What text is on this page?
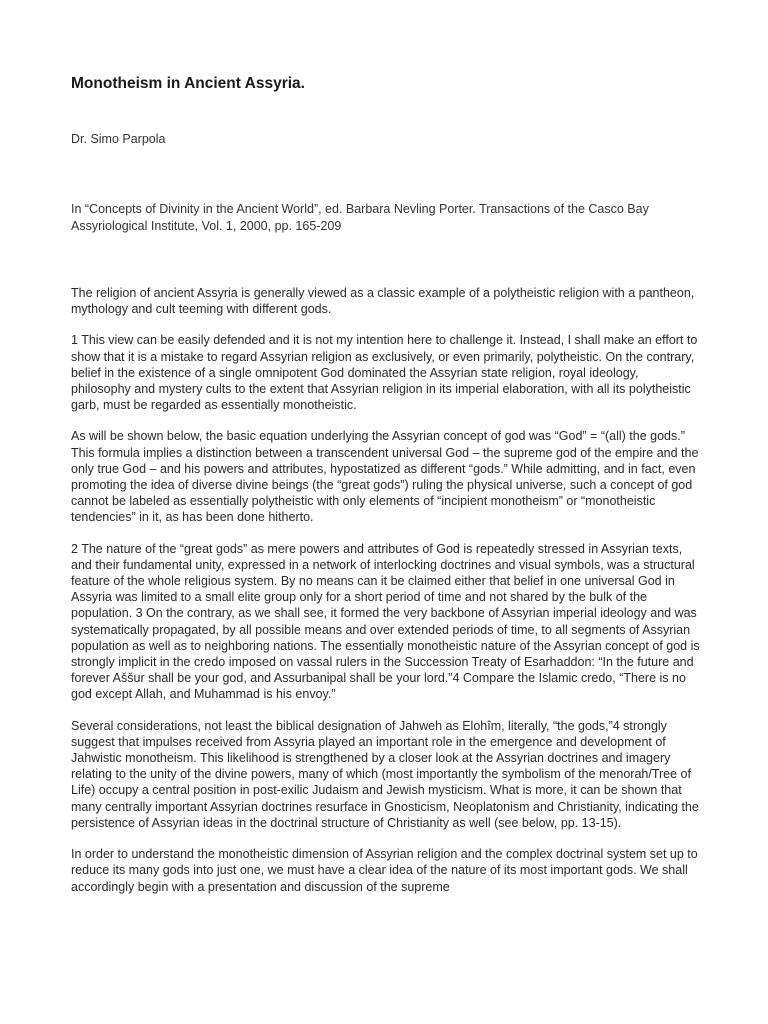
Monotheism in Ancient Assyria.

Dr. Simo Parpola

In “Concepts of Divinity in the Ancient World”, ed. Barbara Nevling Porter. Transactions of the Casco Bay Assyriological Institute, Vol. 1, 2000, pp. 165-209

The religion of ancient Assyria is generally viewed as a classic example of a polytheistic religion with a pantheon, mythology and cult teeming with different gods.

1 This view can be easily defended and it is not my intention here to challenge it. Instead, I shall make an effort to show that it is a mistake to regard Assyrian religion as exclusively, or even primarily, polytheistic. On the contrary, belief in the existence of a single omnipotent God dominated the Assyrian state religion, royal ideology, philosophy and mystery cults to the extent that Assyrian religion in its imperial elaboration, with all its polytheistic garb, must be regarded as essentially monotheistic.

As will be shown below, the basic equation underlying the Assyrian concept of god was “God” = “(all) the gods.” This formula implies a distinction between a transcendent universal God – the supreme god of the empire and the only true God – and his powers and attributes, hypostatized as different “gods.” While admitting, and in fact, even promoting the idea of diverse divine beings (the “great gods”) ruling the physical universe, such a concept of god cannot be labeled as essentially polytheistic with only elements of “incipient monotheism” or “monotheistic tendencies” in it, as has been done hitherto.

2 The nature of the “great gods” as mere powers and attributes of God is repeatedly stressed in Assyrian texts, and their fundamental unity, expressed in a network of interlocking doctrines and visual symbols, was a structural feature of the whole religious system. By no means can it be claimed either that belief in one universal God in Assyria was limited to a small elite group only for a short period of time and not shared by the bulk of the population. 3 On the contrary, as we shall see, it formed the very backbone of Assyrian imperial ideology and was systematically propagated, by all possible means and over extended periods of time, to all segments of Assyrian population as well as to neighboring nations. The essentially monotheistic nature of the Assyrian concept of god is strongly implicit in the credo imposed on vassal rulers in the Succession Treaty of Esarhaddon: “In the future and forever Aššur shall be your god, and Assurbanipal shall be your lord.”4 Compare the Islamic credo, “There is no god except Allah, and Muhammad is his envoy.”

Several considerations, not least the biblical designation of Jahweh as Elohîm, literally, “the gods,”4 strongly suggest that impulses received from Assyria played an important role in the emergence and development of Jahwistic monotheism. This likelihood is strengthened by a closer look at the Assyrian doctrines and imagery relating to the unity of the divine powers, many of which (most importantly the symbolism of the menorah/Tree of Life) occupy a central position in post-exilic Judaism and Jewish mysticism. What is more, it can be shown that many centrally important Assyrian doctrines resurface in Gnosticism, Neoplatonism and Christianity, indicating the persistence of Assyrian ideas in the doctrinal structure of Christianity as well (see below, pp. 13-15).

In order to understand the monotheistic dimension of Assyrian religion and the complex doctrinal system set up to reduce its many gods into just one, we must have a clear idea of the nature of its most important gods. We shall accordingly begin with a presentation and discussion of the supreme
